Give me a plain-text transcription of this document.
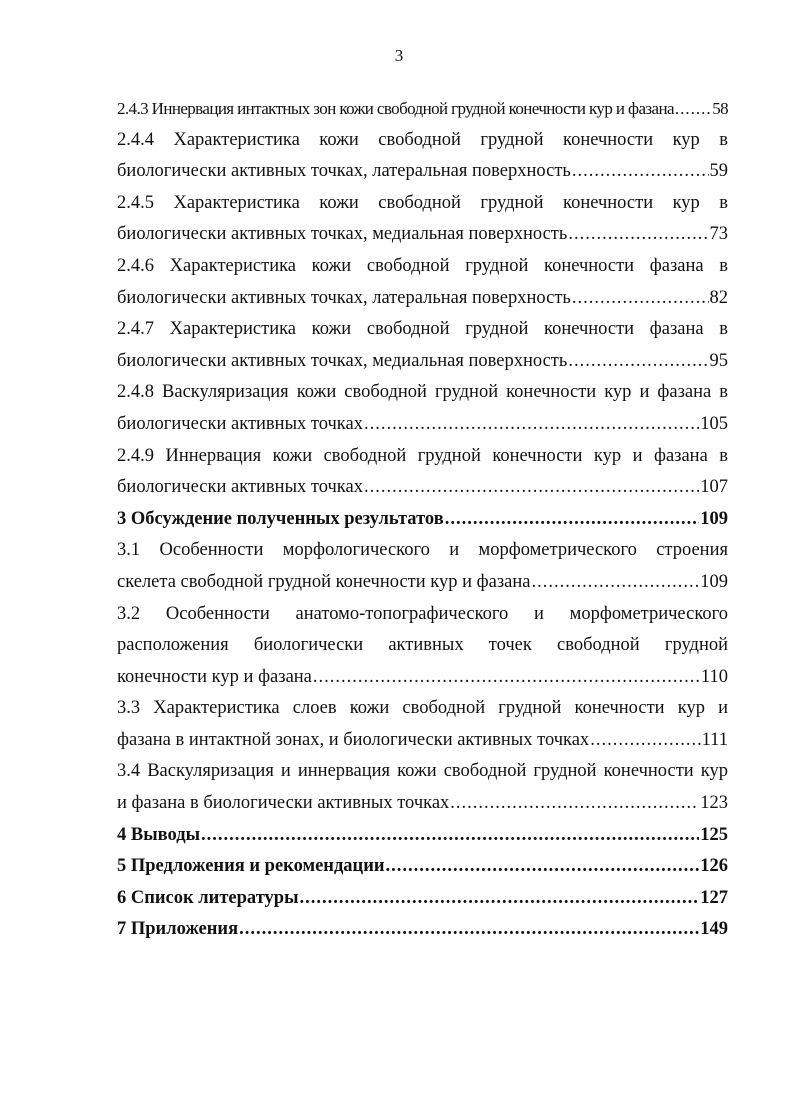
3
2.4.3 Иннервация интактных зон кожи свободной грудной конечности кур и фазана ..... 58
2.4.4 Характеристика кожи свободной грудной конечности кур в
биологически активных точках, латеральная поверхность .....	59
2.4.5 Характеристика кожи свободной грудной конечности кур в
биологически активных точках, медиальная поверхность .....	73
2.4.6 Характеристика кожи свободной грудной конечности фазана в
биологически активных точках, латеральная поверхность .....	82
2.4.7 Характеристика кожи свободной грудной конечности фазана в
биологически активных точках, медиальная поверхность .....	95
2.4.8 Васкуляризация кожи свободной грудной конечности кур и фазана в
биологически активных точках .....	105
2.4.9 Иннервация кожи свободной грудной конечности кур и фазана в
биологически активных точках .....	107
3 Обсуждение полученных результатов .....	109
3.1 Особенности морфологического и морфометрического строения
скелета свободной грудной конечности кур и фазана .....	109
3.2 Особенности анатомо-топографического и морфометрического
расположения биологически активных точек свободной грудной
конечности кур и фазана .....	110
3.3 Характеристика слоев кожи свободной грудной конечности кур и
фазана в интактной зонах, и биологически активных точках .....	111
3.4 Васкуляризация и иннервация кожи свободной грудной конечности кур
и фазана в биологически активных точках .....	123
4 Выводы .....	125
5 Предложения и рекомендации .....	126
6 Список литературы .....	127
7 Приложения .....	149
